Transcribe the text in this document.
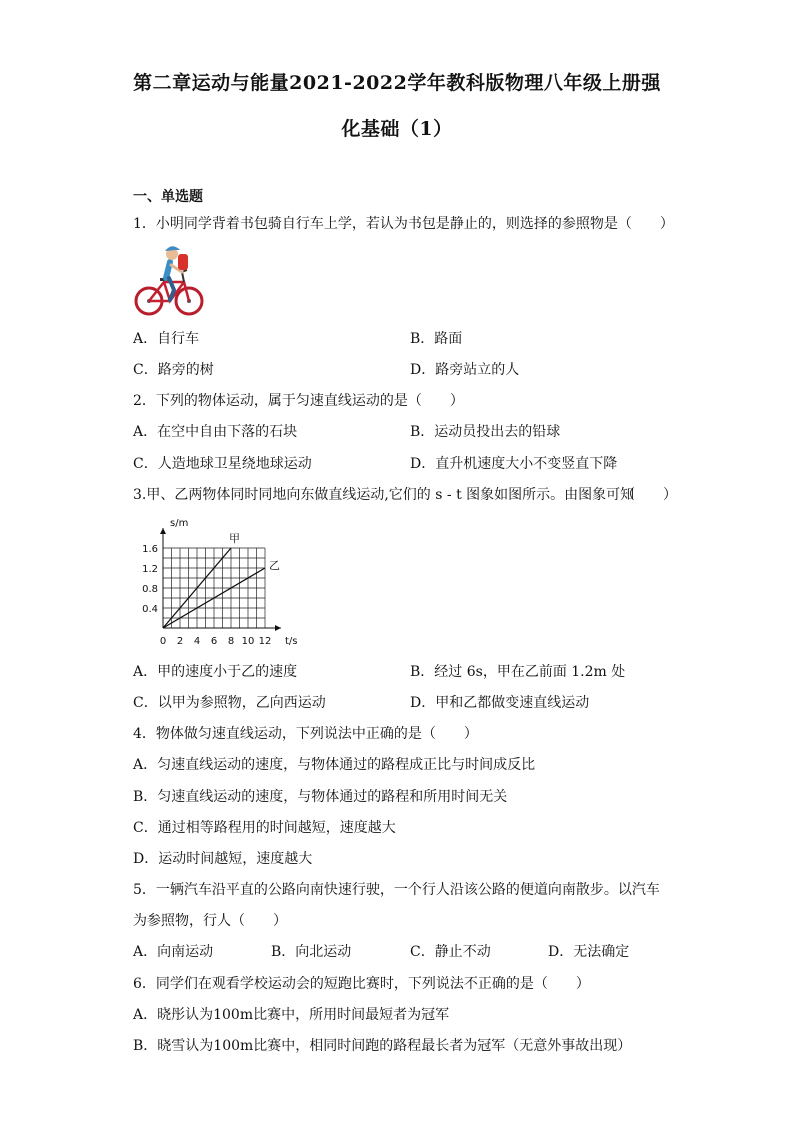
第二章运动与能量2021-2022学年教科版物理八年级上册强
化基础（1）
一、单选题
1．小明同学背着书包骑自行车上学，若认为书包是静止的，则选择的参照物是（　　）
A．自行车	B．路面
C．路旁的树	D．路旁站立的人
2．下列的物体运动，属于匀速直线运动的是（　　）
A．在空中自由下落的石块	B．运动员投出去的铅球
C．人造地球卫星绕地球运动	D．直升机速度大小不变竖直下降
3.甲、乙两物体同时同地向东做直线运动,它们的 s - t 图象如图所示。由图象可知
（　　）
s/m
t/s
0 2 4 6 8 10 12
0.4
0.8
1.2
1.6
甲
乙
A．甲的速度小于乙的速度	B．经过 6s，甲在乙前面 1.2m 处
C．以甲为参照物，乙向西运动	D．甲和乙都做变速直线运动
4．物体做匀速直线运动，下列说法中正确的是（　　）
A．匀速直线运动的速度，与物体通过的路程成正比与时间成反比
B．匀速直线运动的速度，与物体通过的路程和所用时间无关
C．通过相等路程用的时间越短，速度越大
D．运动时间越短，速度越大
5．一辆汽车沿平直的公路向南快速行驶，一个行人沿该公路的便道向南散步。以汽车
为参照物，行人（　　）
A．向南运动	B．向北运动	C．静止不动	D．无法确定
6．同学们在观看学校运动会的短跑比赛时，下列说法不正确的是（　　）
A．晓彤认为100m比赛中，所用时间最短者为冠军
B．晓雪认为100m比赛中，相同时间跑的路程最长者为冠军（无意外事故出现）
